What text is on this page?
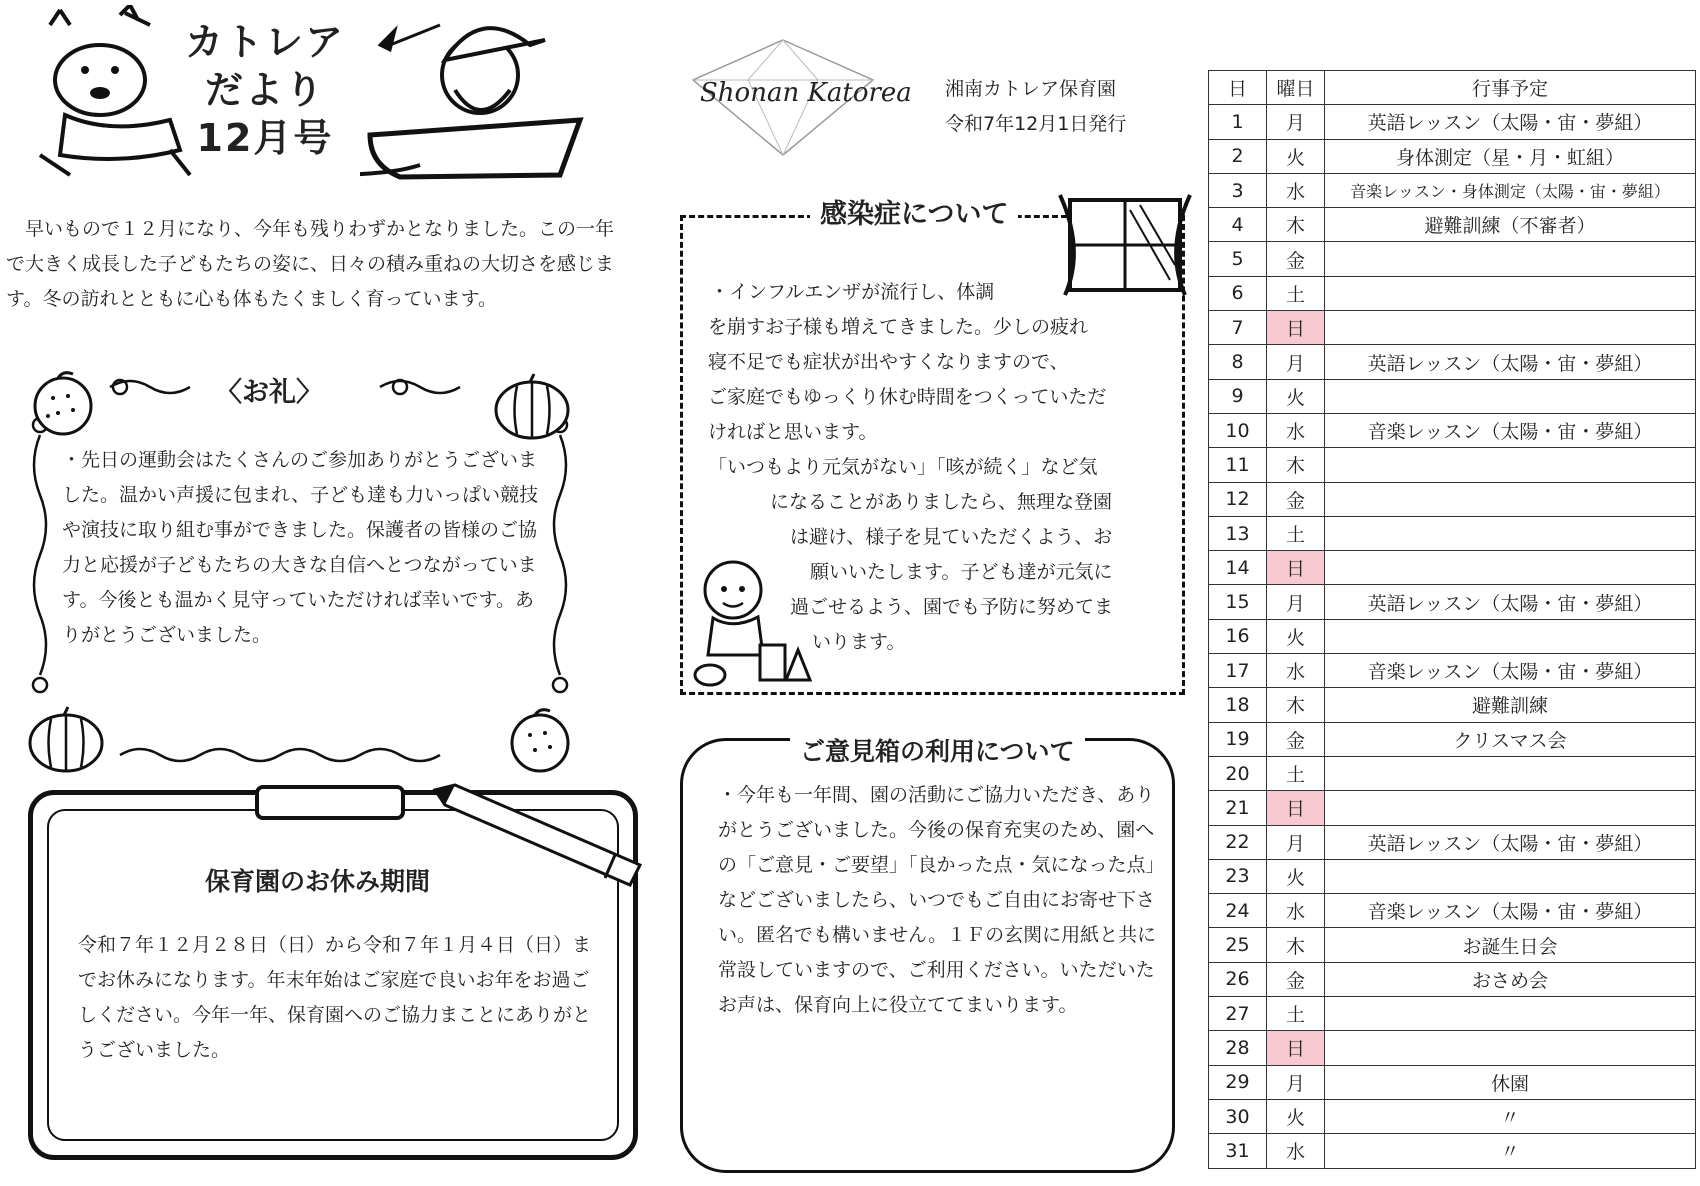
カトレア
だより
12月号
　早いもので１２月になり、今年も残りわずかとなりました。この一年で大きく成長した子どもたちの姿に、日々の積み重ねの大切さを感じます。冬の訪れとともに心も体もたくましく育っています。
〈お礼〉
・先日の運動会はたくさんのご参加ありがとうございました。温かい声援に包まれ、子ども達も力いっぱい競技や演技に取り組む事ができました。保護者の皆様のご協力と応援が子どもたちの大きな自信へとつながっています。今後とも温かく見守っていただければ幸いです。ありがとうございました。
保育園のお休み期間
令和７年１２月２８日（日）から令和７年１月４日（日）までお休みになります。年末年始はご家庭で良いお年をお過ごしください。今年一年、保育園へのご協力まことにありがとうございました。
Shonan Katorea 湘南カトレア保育園
令和7年12月1日発行
感染症について
・インフルエンザが流行し、体調
を崩すお子様も増えてきました。少しの疲れ
寝不足でも症状が出やすくなりますので、
ご家庭でもゆっくり休む時間をつくっていただ
ければと思います。
「いつもより元気がない」「咳が続く」など気
になることがありましたら、無理な登園
は避け、様子を見ていただくよう、お
願いいたします。子ども達が元気に
過ごせるよう、園でも予防に努めてま
いります。
ご意見箱の利用について
・今年も一年間、園の活動にご協力いただき、ありがとうございました。今後の保育充実のため、園への「ご意見・ご要望」「良かった点・気になった点」などございましたら、いつでもご自由にお寄せ下さい。匿名でも構いません。１Ｆの玄関に用紙と共に常設していますので、ご利用ください。いただいたお声は、保育向上に役立ててまいります。
日	曜日	行事予定
1	月	英語レッスン（太陽・宙・夢組）
2	火	身体測定（星・月・虹組）
3	水	音楽レッスン・身体測定（太陽・宙・夢組）
4	木	避難訓練（不審者）
5	金	
6	土	
7	日	
8	月	英語レッスン（太陽・宙・夢組）
9	火	
10	水	音楽レッスン（太陽・宙・夢組）
11	木	
12	金	
13	土	
14	日	
15	月	英語レッスン（太陽・宙・夢組）
16	火	
17	水	音楽レッスン（太陽・宙・夢組）
18	木	避難訓練
19	金	クリスマス会
20	土	
21	日	
22	月	英語レッスン（太陽・宙・夢組）
23	火	
24	水	音楽レッスン（太陽・宙・夢組）
25	木	お誕生日会
26	金	おさめ会
27	土	
28	日	
29	月	休園
30	火	〃
31	水	〃
